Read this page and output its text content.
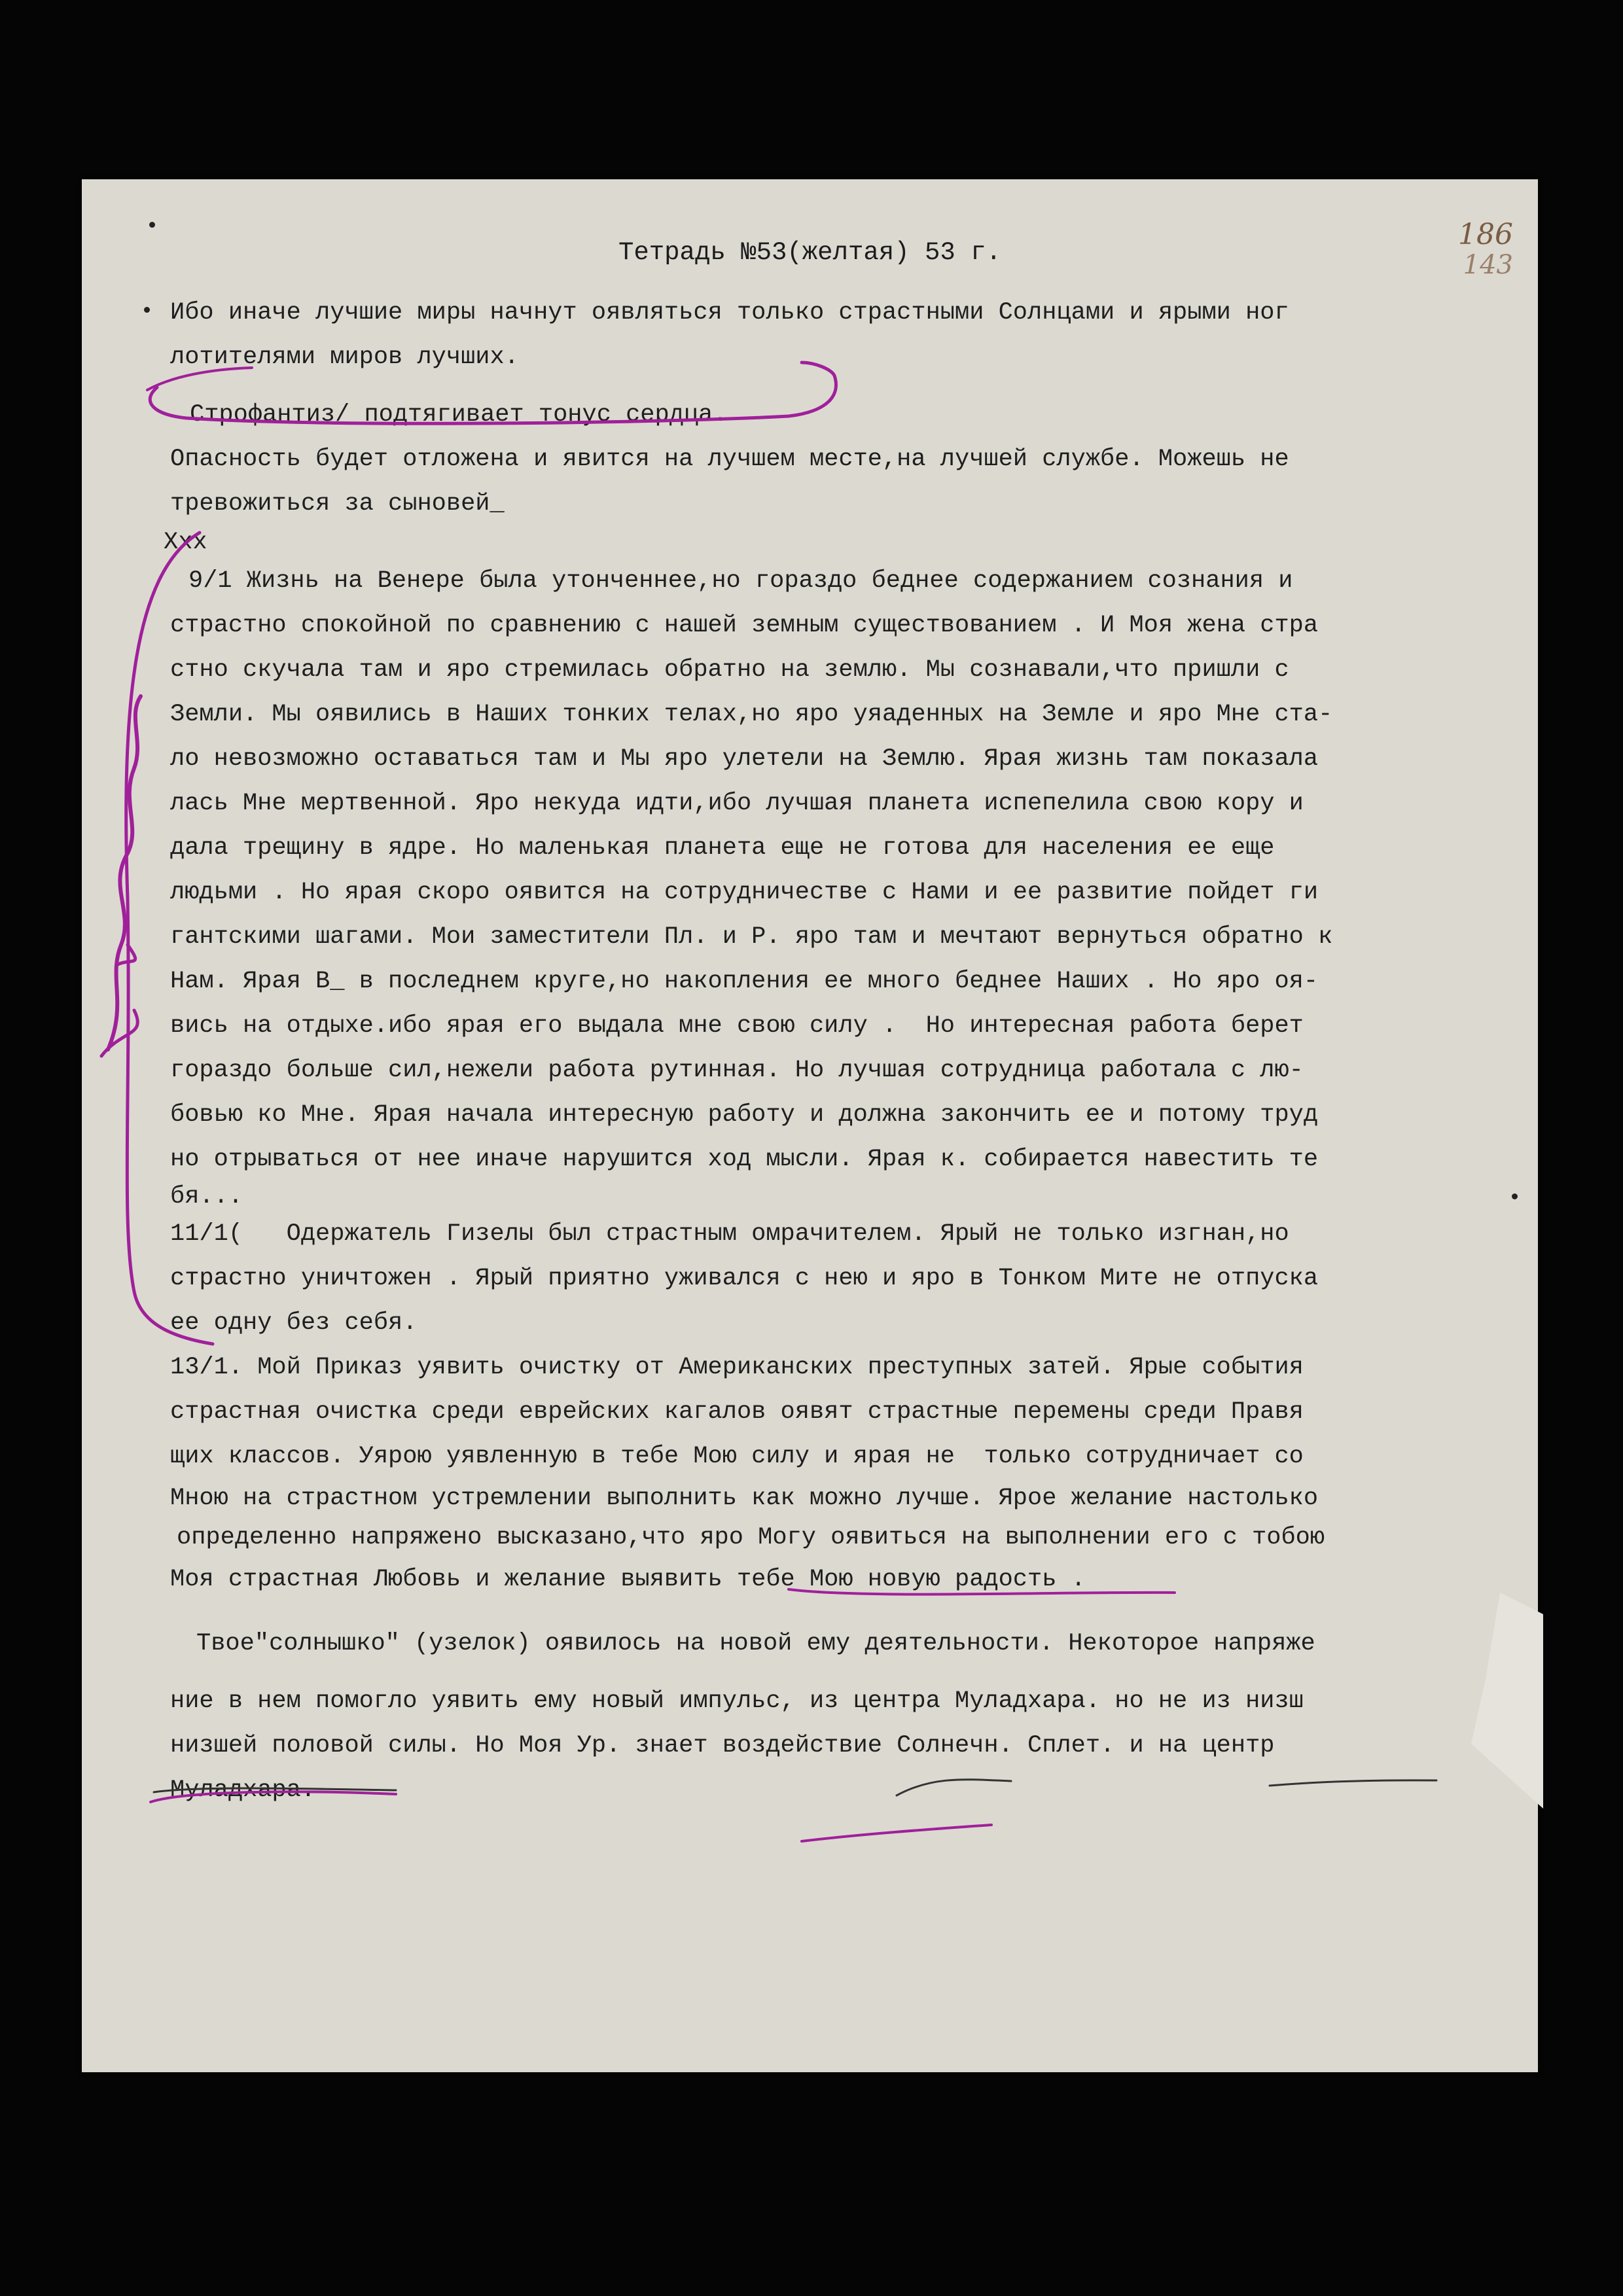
Тетрадь №53(желтая) 53 г.
186
143
Ибо иначе лучшие миры начнут оявляться только страстными Солнцами и ярыми ног
лотителями миров лучших.
Строфантиз/ подтягивает тонус сердца.
Опасность будет отложена и явится на лучшем месте,на лучшей службе. Можешь не
тревожиться за сыновей_
Ххх
9/1 Жизнь на Венере была утонченнее,но гораздо беднее содержанием сознания и
страстно спокойной по сравнению с нашей земным существованием . И Моя жена стра
стно скучала там и яро стремилась обратно на землю. Мы сознавали,что пришли с
Земли. Мы оявились в Наших тонких телах,но яро уяаденных на Земле и яро Мне ста-
ло невозможно оставаться там и Мы яро улетели на Землю. Ярая жизнь там показала
лась Мне мертвенной. Яро некуда идти,ибо лучшая планета испепелила свою кору и
дала трещину в ядре. Но маленькая планета еще не готова для населения ее еще
людьми . Но ярая скоро оявится на сотрудничестве с Нами и ее развитие пойдет ги
гантскими шагами. Мои заместители Пл. и Р. яро там и мечтают вернуться обратно к
Нам. Ярая В_ в последнем круге,но накопления ее много беднее Наших . Но яро оя-
вись на отдыхе.ибо ярая его выдала мне свою силу .  Но интересная работа берет
гораздо больше сил,нежели работа рутинная. Но лучшая сотрудница работала с лю-
бовью ко Мне. Ярая начала интересную работу и должна закончить ее и потому труд
но отрываться от нее иначе нарушится ход мысли. Ярая к. собирается навестить те
бя...
11/1(   Одержатель Гизелы был страстным омрачителем. Ярый не только изгнан,но
страстно уничтожен . Ярый приятно уживался с нею и яро в Тонком Мите не отпуска
ее одну без себя.
13/1. Мой Приказ уявить очистку от Американских преступных затей. Ярые события
страстная очистка среди еврейских кагалов оявят страстные перемены среди Правя
щих классов. Уярою уявленную в тебе Мою силу и ярая не  только сотрудничает со
Мною на страстном устремлении выполнить как можно лучше. Ярое желание настолько
определенно напряжено высказано,что яро Могу оявиться на выполнении его с тобою
Моя страстная Любовь и желание выявить тебе Мою новую радость .
Твое"солнышко" (узелок) оявилось на новой ему деятельности. Некоторое напряже
ние в нем помогло уявить ему новый импульс, из центра Муладхара. но не из низш
низшей половой силы. Но Моя Ур. знает воздействие Солнечн. Сплет. и на центр
Муладхара.
